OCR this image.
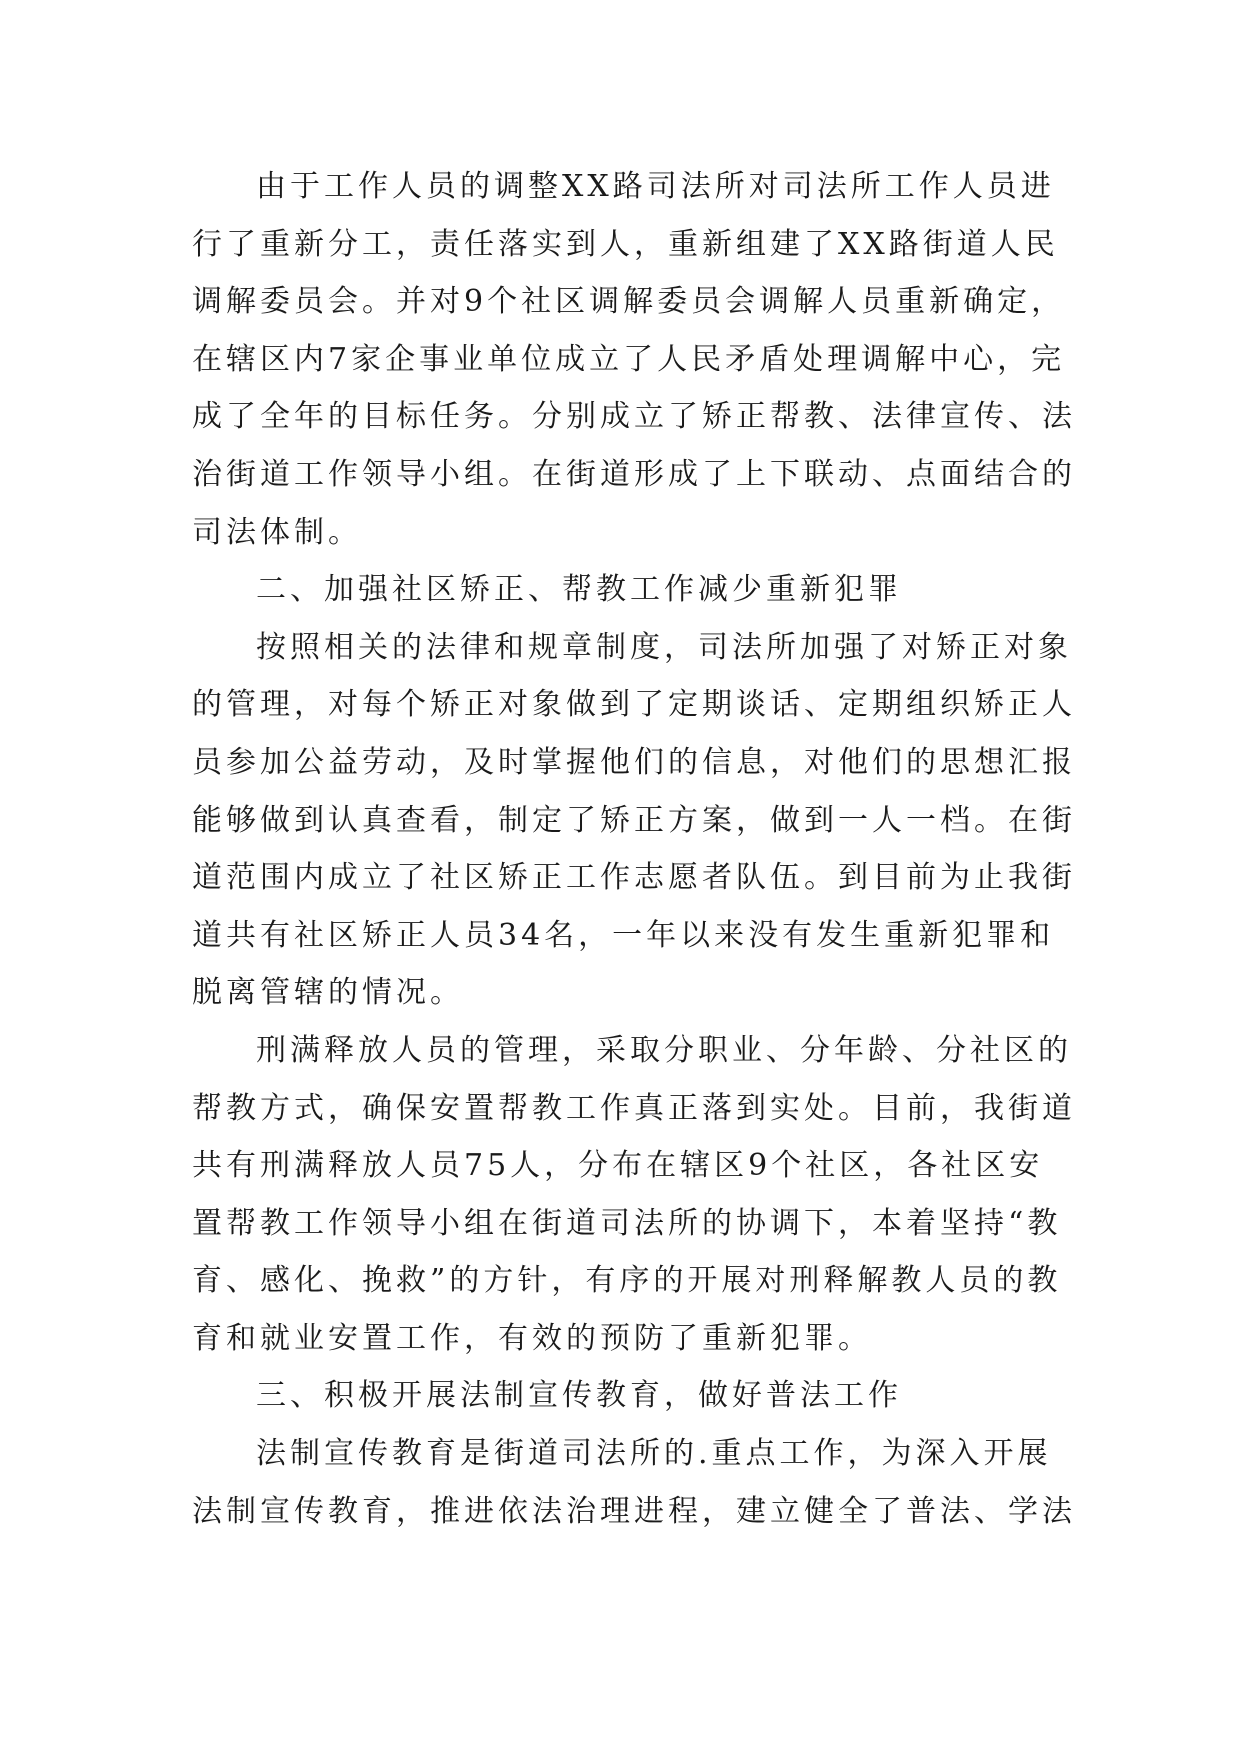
由于工作人员的调整XX路司法所对司法所工作人员进
行了重新分工，责任落实到人，重新组建了XX路街道人民
调解委员会。并对9个社区调解委员会调解人员重新确定，
在辖区内7家企事业单位成立了人民矛盾处理调解中心，完
成了全年的目标任务。分别成立了矫正帮教、法律宣传、法
治街道工作领导小组。在街道形成了上下联动、点面结合的
司法体制。
二、加强社区矫正、帮教工作减少重新犯罪
按照相关的法律和规章制度，司法所加强了对矫正对象
的管理，对每个矫正对象做到了定期谈话、定期组织矫正人
员参加公益劳动，及时掌握他们的信息，对他们的思想汇报
能够做到认真查看，制定了矫正方案，做到一人一档。在街
道范围内成立了社区矫正工作志愿者队伍。到目前为止我街
道共有社区矫正人员34名，一年以来没有发生重新犯罪和
脱离管辖的情况。
刑满释放人员的管理，采取分职业、分年龄、分社区的
帮教方式，确保安置帮教工作真正落到实处。目前，我街道
共有刑满释放人员75人，分布在辖区9个社区，各社区安
置帮教工作领导小组在街道司法所的协调下，本着坚持“教
育、感化、挽救”的方针，有序的开展对刑释解教人员的教
育和就业安置工作，有效的预防了重新犯罪。
三、积极开展法制宣传教育，做好普法工作
法制宣传教育是街道司法所的.重点工作，为深入开展
法制宣传教育，推进依法治理进程，建立健全了普法、学法
